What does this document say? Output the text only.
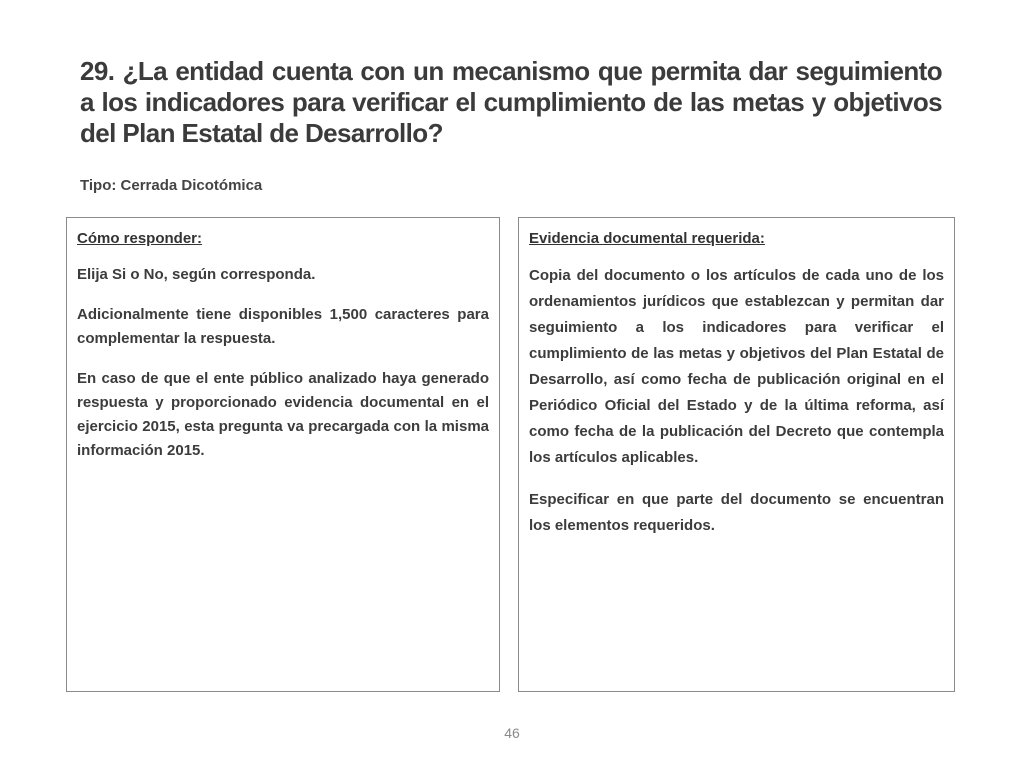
29. ¿La entidad cuenta con un mecanismo que permita dar seguimiento a los indicadores para verificar el cumplimiento de las metas y objetivos del Plan Estatal de Desarrollo?
Tipo: Cerrada Dicotómica
Cómo responder:

Elija Si o No, según corresponda.

Adicionalmente tiene disponibles 1,500 caracteres para complementar la respuesta.

En caso de que el ente público analizado haya generado respuesta y proporcionado evidencia documental en el ejercicio 2015, esta pregunta va precargada con la misma información 2015.

Evidencia documental requerida:

Copia del documento o los artículos de cada uno de los ordenamientos jurídicos que establezcan y permitan dar seguimiento a los indicadores para verificar el cumplimiento de las metas y objetivos del Plan Estatal de Desarrollo, así como fecha de publicación original en el Periódico Oficial del Estado y de la última reforma, así como fecha de la publicación del Decreto que contempla los artículos aplicables.

Especificar en que parte del documento se encuentran los elementos requeridos.

46
